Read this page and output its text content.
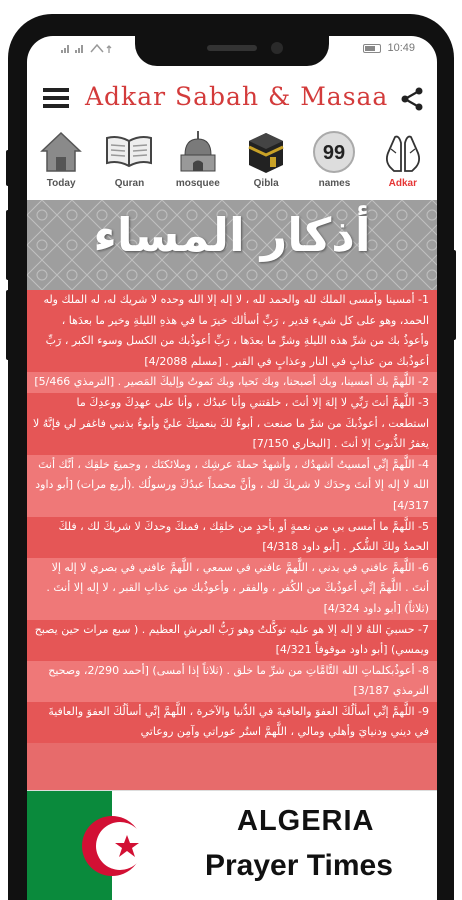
10:49
Adkar Sabah & Masaa
Today	Quran	mosquee	Qibla
99
names	Adkar
أذكار المساء
1- أمسينا وأمسى الملك لله والحمد لله ، لا إله إلا الله وحده لا شريك له، له الملك وله الحمد، وهو على كل شيء قدير ، رَبِّ أسألك خيرَ ما في هذهِ الليلةِ وخير ما بعدَها ، وأعوذُ بك من شرِّ هذه الليلةِ وشرِّ ما بعدَها ، رَبِّ أعوذُبك من الكسل وسوء الكبر ، رَبِّ أعوذُبك من عذابٍ في النار وعذابٍ في القبر . [مسلم 4/2088]
2- اللَّهمَّ بك أمسينا، وبك أصبحنا، وبك نَحيا، وبك نَموتُ وإليكَ المَصير . [الترمذي 5/466]
3- اللَّهمَّ أنتَ رَبِّي لا إلهَ إلا أنتَ ، خلقتني وأنا عبدُك ، وأنا على عهدِكَ ووعدِكَ ما استطعت ، أعوذُبكَ من شرِّ ما صنعت ، أبوءُ لكَ بنعمتِكَ عليَّ وأبوءُ بذنبي فاغفر لي فإنَّهُ لا يغفرُ الذُّنوبَ إلا أنتَ . [البخاري 7/150]
4- اللَّهمَّ إنِّي أمسيتُ أشهدُك ، وأشهدُ حملةَ عرشِك ، وملائكتَك ، وجميعَ خلقِك ، أنَّك أنتَ الله لا إله إلا أنتَ وحدَك لا شريكَ لك ، وأنَّ محمداً عبدُكَ ورسولُك .(أربع مرات) [أبو داود 4/317]
5- اللَّهمَّ ما أمسى بي من نعمةٍ أو بأحدٍ من خلقِك ، فمنكَ وحدكَ لا شريكَ لك ، فلكَ الحمدُ ولكَ الشُّكر . [أبو داود 4/318]
6- اللَّهمَّ عافني في بدني ، اللَّهمَّ عافني في سمعي ، اللَّهمَّ عافني في بصري لا إله إلا أنتَ . اللَّهمَّ إنِّي أعوذُبكَ من الكُفر ، والفقر ، وأعوذُبك من عذابِ القبر ، لا إله إلا أنتَ . (ثلاثاً) [أبو داود 4/324]
7- حسبيَ اللهُ لا إله إلا هو عليه توكَّلتُ وهو رَبُّ العرشِ العظيم . ( سبع مرات حين يصبح ويمسي) [أبو داود موقوفاً 4/321]
8- أعوذُبكلماتِ الله التَّامَّاتِ من شرِّ ما خلق . (ثلاثاً إذا أمسى) [أحمد 2/290، وصحيح الترمذي 3/187]
9- اللَّهمَّ إنِّي أسألُكَ العفوَ والعافيةَ في الدُّنيا والآخرة ، اللَّهمَّ إنِّي أسألُكَ العفوَ والعافيةَ في ديني ودنيايَ وأهلي ومالي ، اللَّهمَّ استُر عوراتي وآمِن روعاتي
ALGERIA
Prayer Times
